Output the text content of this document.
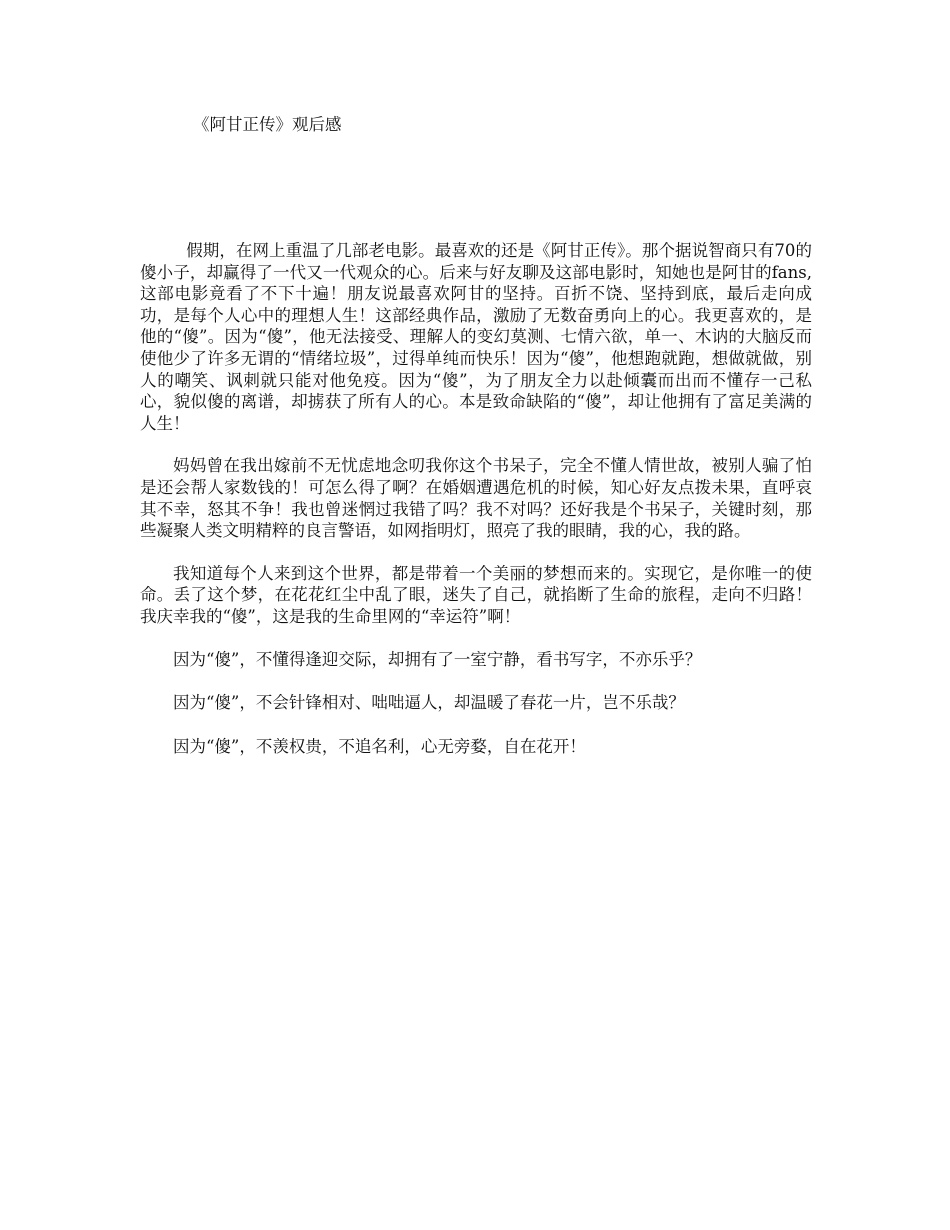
《阿甘正传》观后感

假期，在网上重温了几部老电影。最喜欢的还是《阿甘正传》。那个据说智商只有70的傻小子，却赢得了一代又一代观众的心。后来与好友聊及这部电影时，知她也是阿甘的fans,这部电影竟看了不下十遍！朋友说最喜欢阿甘的坚持。百折不饶、坚持到底，最后走向成功，是每个人心中的理想人生！这部经典作品，激励了无数奋勇向上的心。我更喜欢的，是他的“傻”。因为“傻”，他无法接受、理解人的变幻莫测、七情六欲，单一、木讷的大脑反而使他少了许多无谓的“情绪垃圾”，过得单纯而快乐！因为“傻”，他想跑就跑，想做就做，别人的嘲笑、讽刺就只能对他免疫。因为“傻”，为了朋友全力以赴倾囊而出而不懂存一己私心，貌似傻的离谱，却掳获了所有人的心。本是致命缺陷的“傻”，却让他拥有了富足美满的人生！

妈妈曾在我出嫁前不无忧虑地念叨我你这个书呆子，完全不懂人情世故，被别人骗了怕是还会帮人家数钱的！可怎么得了啊？在婚姻遭遇危机的时候，知心好友点拨未果，直呼哀其不幸，怒其不争！我也曾迷惘过我错了吗？我不对吗？还好我是个书呆子，关键时刻，那些凝聚人类文明精粹的良言警语，如网指明灯，照亮了我的眼睛，我的心，我的路。

我知道每个人来到这个世界，都是带着一个美丽的梦想而来的。实现它，是你唯一的使命。丢了这个梦，在花花红尘中乱了眼，迷失了自己，就掐断了生命的旅程，走向不归路！我庆幸我的“傻”，这是我的生命里网的“幸运符”啊！

因为“傻”，不懂得逢迎交际，却拥有了一室宁静，看书写字，不亦乐乎？

因为“傻”，不会针锋相对、咄咄逼人，却温暖了春花一片，岂不乐哉？

因为“傻”，不羡权贵，不追名利，心无旁婺，自在花开！
